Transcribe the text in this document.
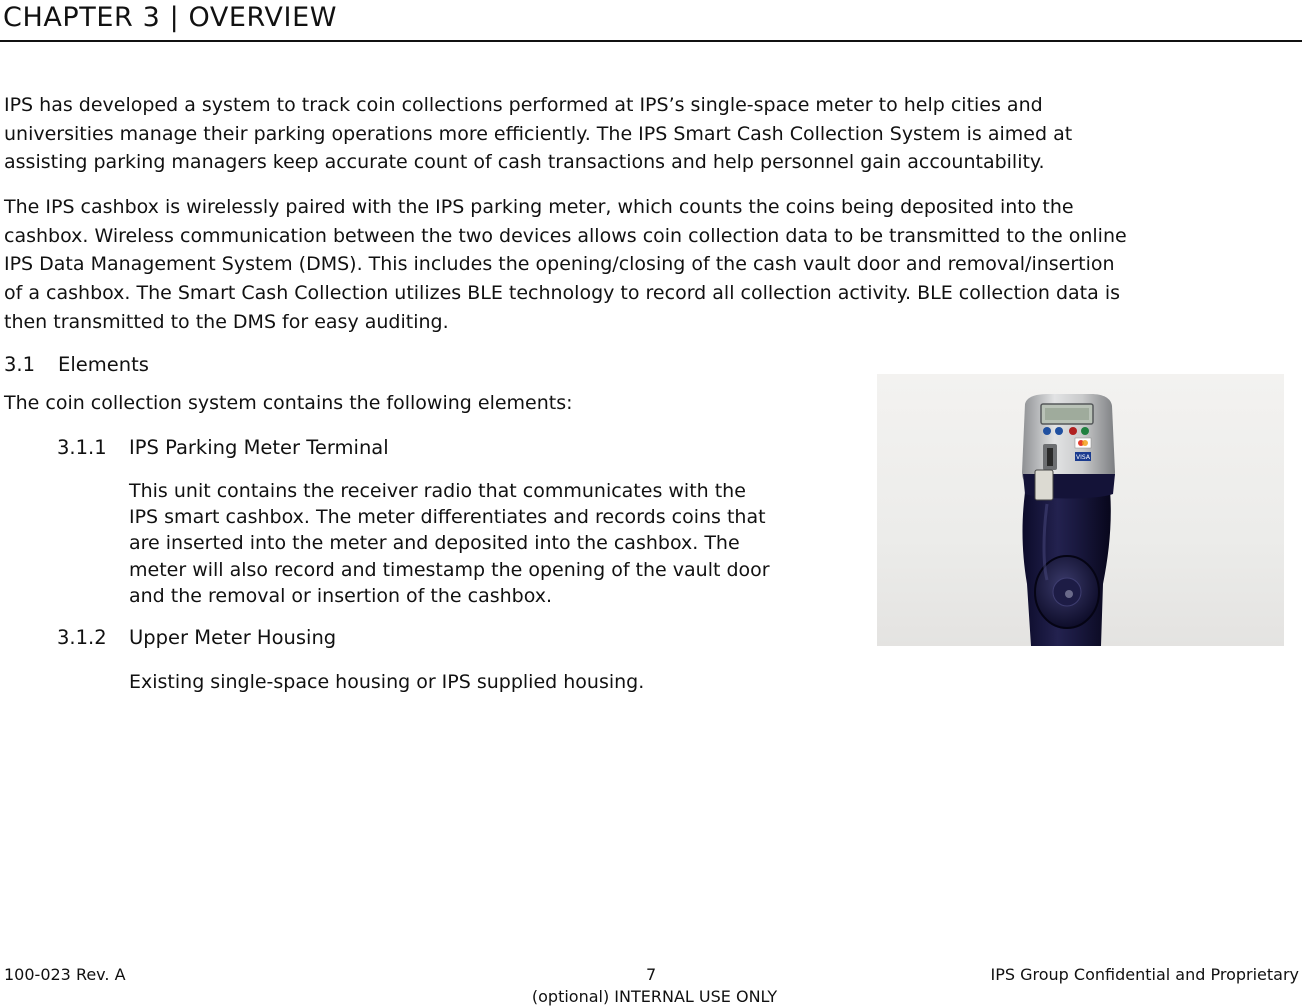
CHAPTER 3 | OVERVIEW

IPS has developed a system to track coin collections performed at IPS’s single-space meter to help cities and
universities manage their parking operations more efficiently. The IPS Smart Cash Collection System is aimed at
assisting parking managers keep accurate count of cash transactions and help personnel gain accountability.

The IPS cashbox is wirelessly paired with the IPS parking meter, which counts the coins being deposited into the
cashbox. Wireless communication between the two devices allows coin collection data to be transmitted to the online
IPS Data Management System (DMS). This includes the opening/closing of the cash vault door and removal/insertion
of a cashbox. The Smart Cash Collection utilizes BLE technology to record all collection activity. BLE collection data is
then transmitted to the DMS for easy auditing.

3.1 Elements

The coin collection system contains the following elements:

3.1.1 IPS Parking Meter Terminal

This unit contains the receiver radio that communicates with the
IPS smart cashbox. The meter differentiates and records coins that
are inserted into the meter and deposited into the cashbox. The
meter will also record and timestamp the opening of the vault door
and the removal or insertion of the cashbox.

3.1.2 Upper Meter Housing

Existing single-space housing or IPS supplied housing.

VISA

100-023 Rev. A	7	IPS Group Confidential and Proprietary

(optional) INTERNAL USE ONLY
